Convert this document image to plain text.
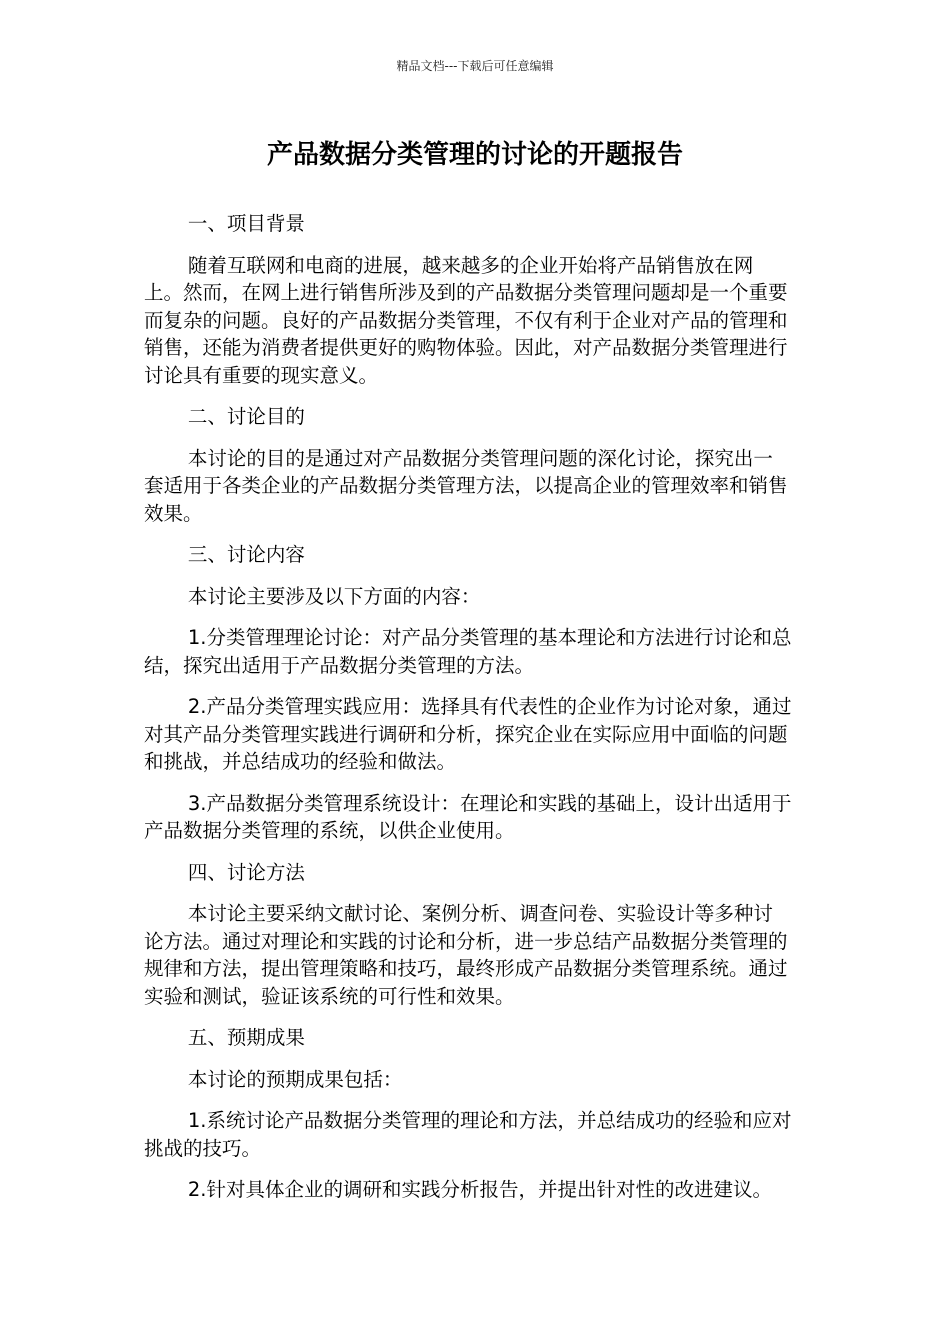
精品文档---下载后可任意编辑
产品数据分类管理的讨论的开题报告

一、项目背景

随着互联网和电商的进展，越来越多的企业开始将产品销售放在网上。然而，在网上进行销售所涉及到的产品数据分类管理问题却是一个重要而复杂的问题。良好的产品数据分类管理，不仅有利于企业对产品的管理和销售，还能为消费者提供更好的购物体验。因此，对产品数据分类管理进行讨论具有重要的现实意义。

二、讨论目的

本讨论的目的是通过对产品数据分类管理问题的深化讨论，探究出一套适用于各类企业的产品数据分类管理方法，以提高企业的管理效率和销售效果。

三、讨论内容

本讨论主要涉及以下方面的内容：

1.分类管理理论讨论：对产品分类管理的基本理论和方法进行讨论和总结，探究出适用于产品数据分类管理的方法。

2.产品分类管理实践应用：选择具有代表性的企业作为讨论对象，通过对其产品分类管理实践进行调研和分析，探究企业在实际应用中面临的问题和挑战，并总结成功的经验和做法。

3.产品数据分类管理系统设计：在理论和实践的基础上，设计出适用于产品数据分类管理的系统，以供企业使用。

四、讨论方法

本讨论主要采纳文献讨论、案例分析、调查问卷、实验设计等多种讨论方法。通过对理论和实践的讨论和分析，进一步总结产品数据分类管理的规律和方法，提出管理策略和技巧，最终形成产品数据分类管理系统。通过实验和测试，验证该系统的可行性和效果。

五、预期成果

本讨论的预期成果包括：

1.系统讨论产品数据分类管理的理论和方法，并总结成功的经验和应对挑战的技巧。

2.针对具体企业的调研和实践分析报告，并提出针对性的改进建议。
